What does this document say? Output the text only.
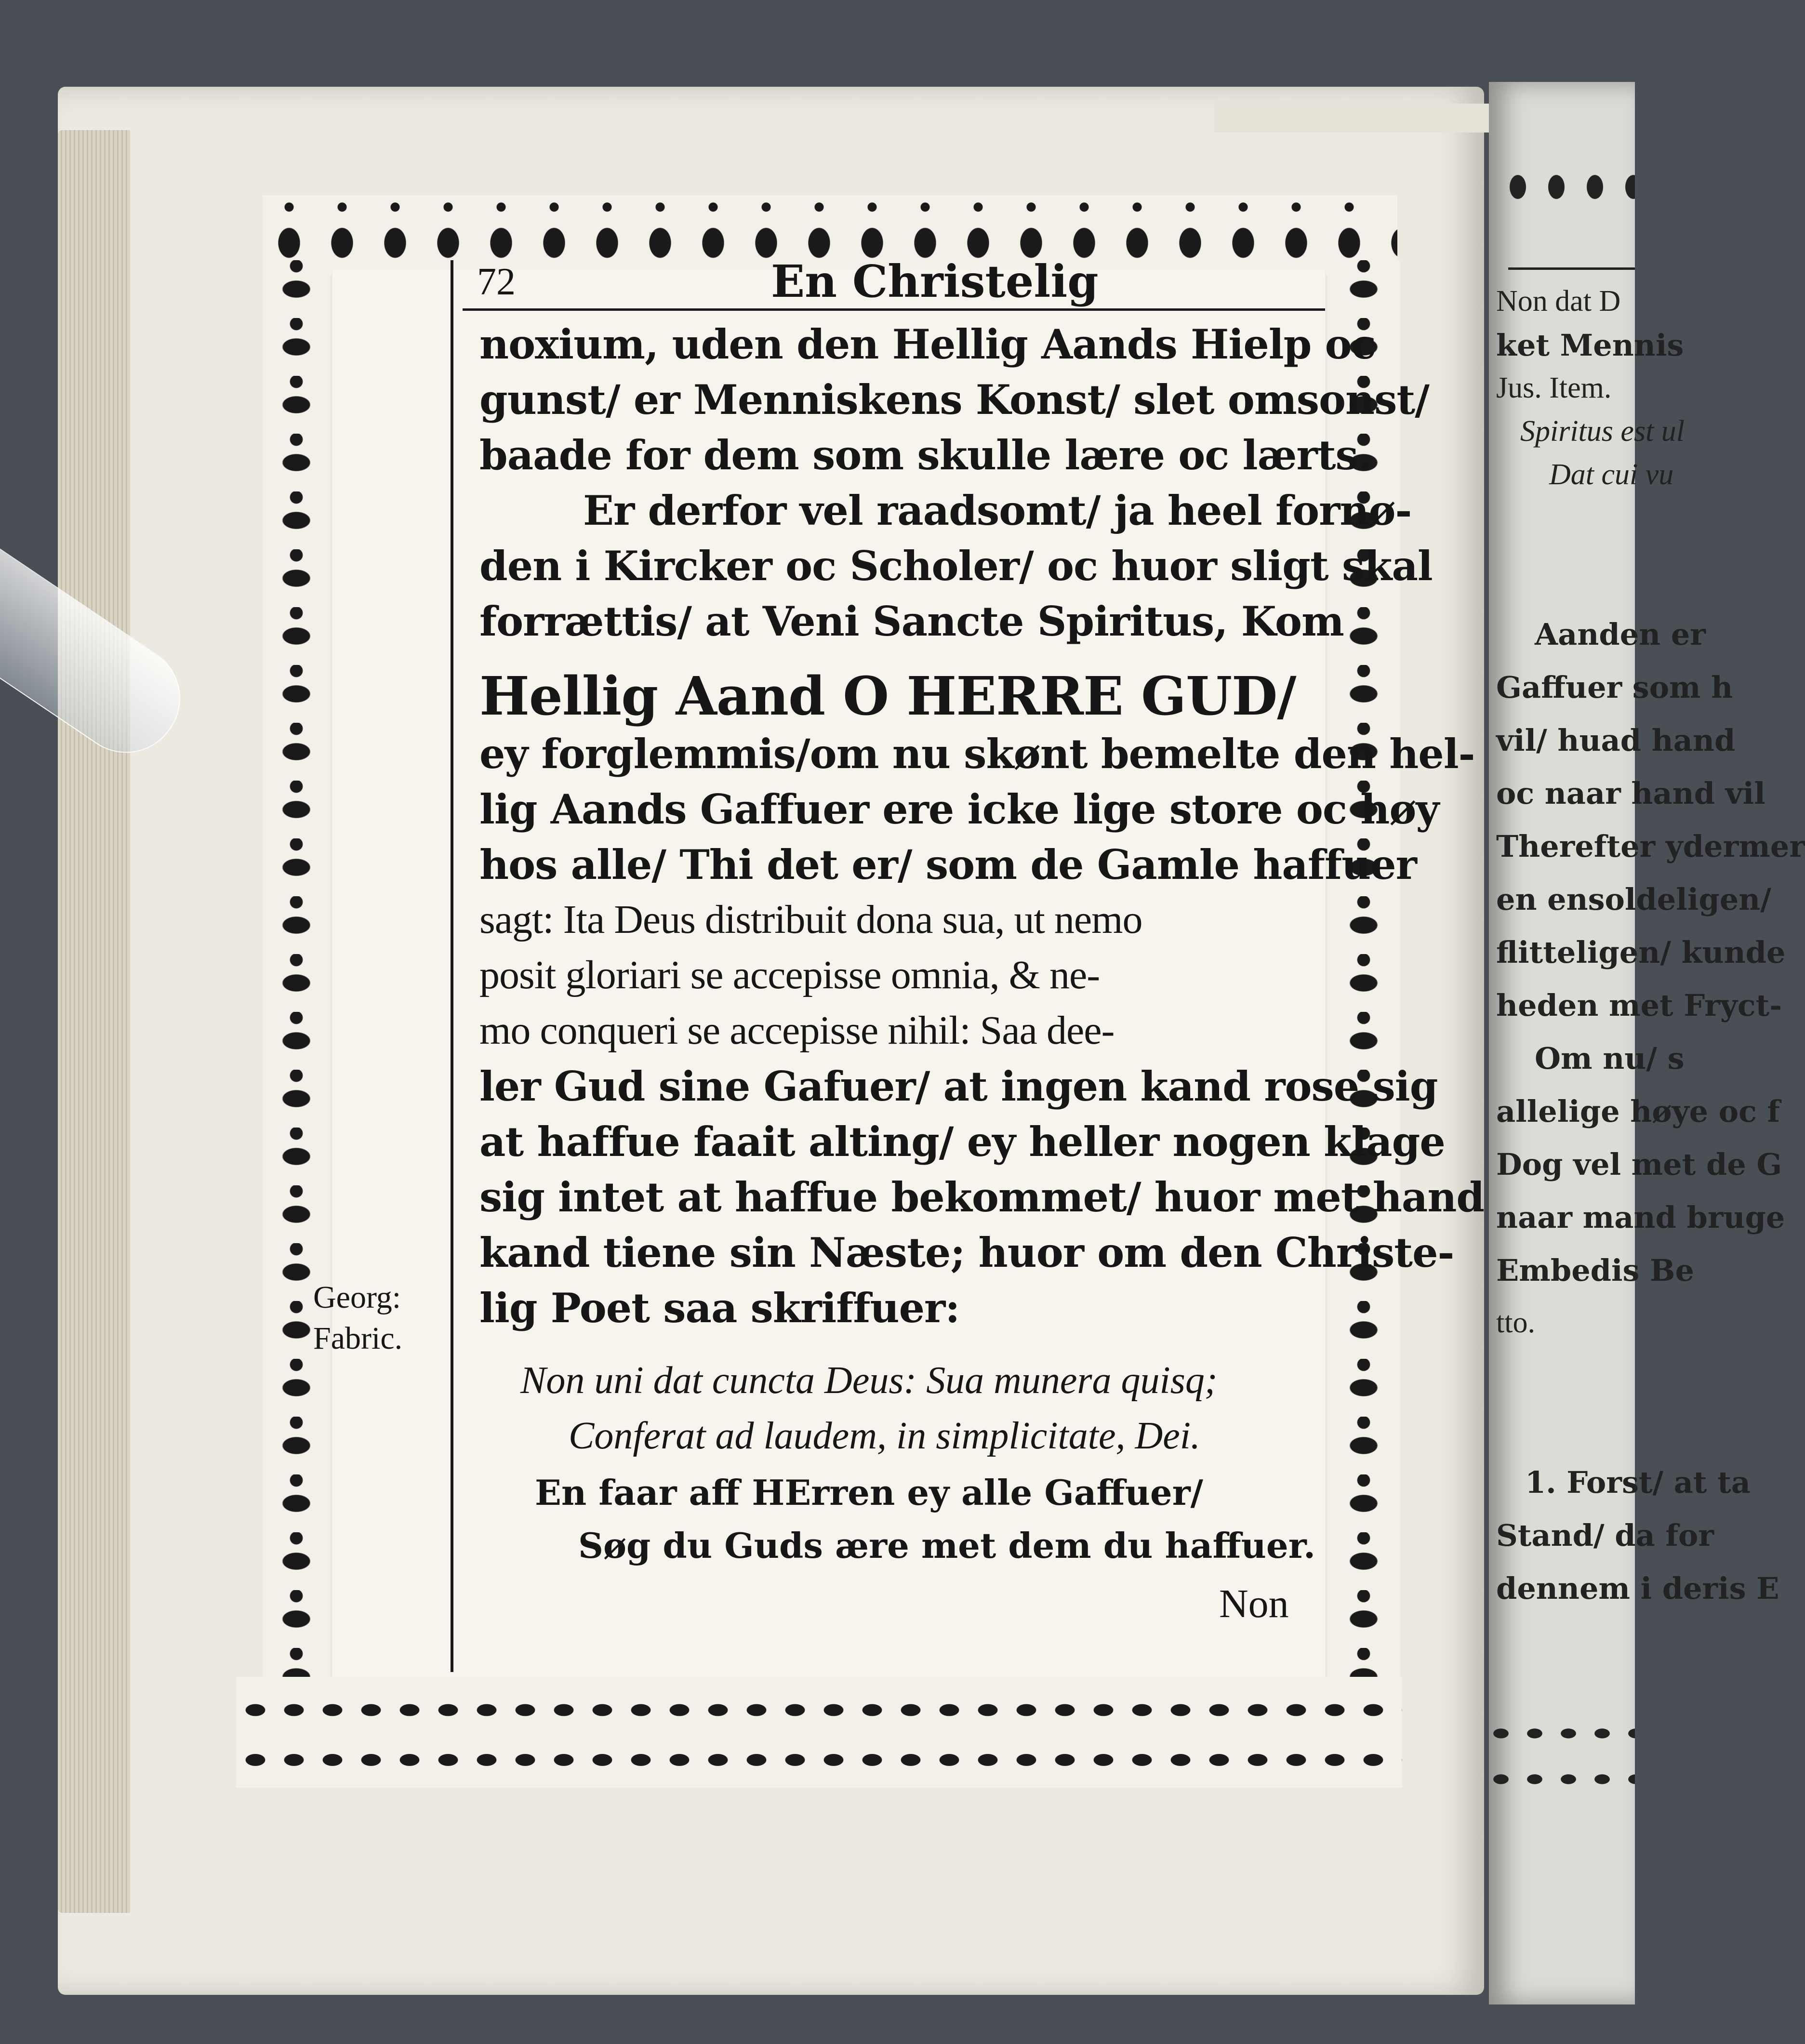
72	En Christelig
noxium, uden den Hellig Aands Hielp oc
gunst/ er Menniskens Konst/ slet omsonst/
baade for dem som skulle lære oc lærts.
Er derfor vel raadsomt/ ja heel fornø-
den i Kircker oc Scholer/ oc huor sligt skal
forrættis/ at Veni Sancte Spiritus, Kom
Hellig Aand O HERRE GUD/
ey forglemmis/om nu skønt bemelte den hel-
lig Aands Gaffuer ere icke lige store oc høy
hos alle/ Thi det er/ som de Gamle haffuer
sagt: Ita Deus distribuit dona sua, ut nemo
posit gloriari se accepisse omnia, & ne-
mo conqueri se accepisse nihil: Saa dee-
ler Gud sine Gafuer/ at ingen kand rose sig
at haffue faait alting/ ey heller nogen klage
sig intet at haffue bekommet/ huor met hand
kand tiene sin Næste; huor om den Christe-
lig Poet saa skriffuer:
Non uni dat cuncta Deus: Sua munera quisq;
Conferat ad laudem, in simplicitate, Dei.
En faar aff HErren ey alle Gaffuer/
Søg du Guds ære met dem du haffuer.
Non
Georg:
Fabric.
Non dat D
ket Mennis
Jus. Item.
Spiritus est ul
Dat cui vu
Aanden er
Gaffuer som h
vil/ huad hand
oc naar hand vil
Therefter ydermer
en ensoldeligen/
flitteligen/ kunde
heden met Fryct-
Om nu/ s
allelige høye oc f
Dog vel met de G
naar mand bruge
Embedis Be
tto.
1. Forst/ at ta
Stand/ da for
dennem i deris E
